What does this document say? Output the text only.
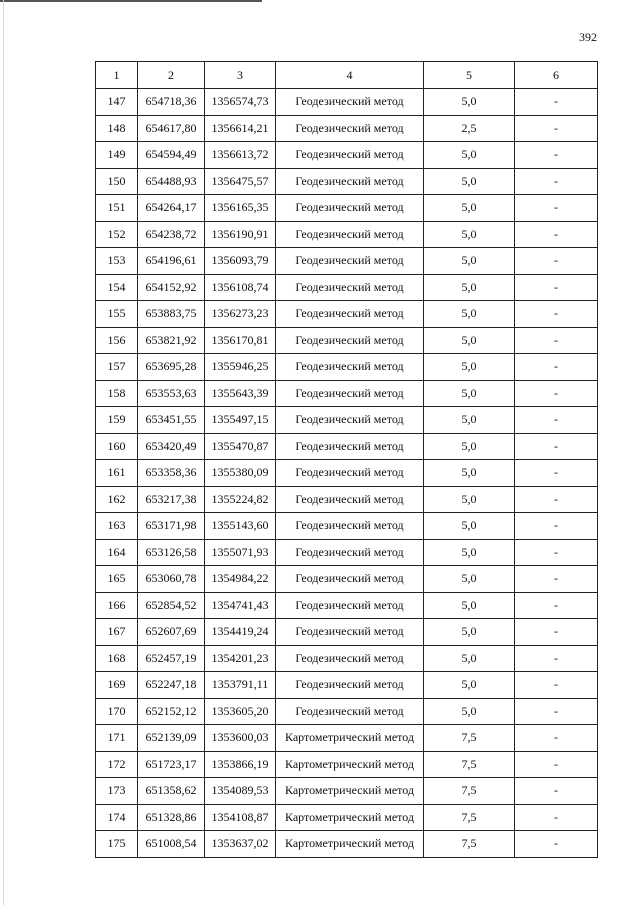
392
1	2	3	4	5	6
147	654718,36	1356574,73	Геодезический метод	5,0	-
148	654617,80	1356614,21	Геодезический метод	2,5	-
149	654594,49	1356613,72	Геодезический метод	5,0	-
150	654488,93	1356475,57	Геодезический метод	5,0	-
151	654264,17	1356165,35	Геодезический метод	5,0	-
152	654238,72	1356190,91	Геодезический метод	5,0	-
153	654196,61	1356093,79	Геодезический метод	5,0	-
154	654152,92	1356108,74	Геодезический метод	5,0	-
155	653883,75	1356273,23	Геодезический метод	5,0	-
156	653821,92	1356170,81	Геодезический метод	5,0	-
157	653695,28	1355946,25	Геодезический метод	5,0	-
158	653553,63	1355643,39	Геодезический метод	5,0	-
159	653451,55	1355497,15	Геодезический метод	5,0	-
160	653420,49	1355470,87	Геодезический метод	5,0	-
161	653358,36	1355380,09	Геодезический метод	5,0	-
162	653217,38	1355224,82	Геодезический метод	5,0	-
163	653171,98	1355143,60	Геодезический метод	5,0	-
164	653126,58	1355071,93	Геодезический метод	5,0	-
165	653060,78	1354984,22	Геодезический метод	5,0	-
166	652854,52	1354741,43	Геодезический метод	5,0	-
167	652607,69	1354419,24	Геодезический метод	5,0	-
168	652457,19	1354201,23	Геодезический метод	5,0	-
169	652247,18	1353791,11	Геодезический метод	5,0	-
170	652152,12	1353605,20	Геодезический метод	5,0	-
171	652139,09	1353600,03	Картометрический метод	7,5	-
172	651723,17	1353866,19	Картометрический метод	7,5	-
173	651358,62	1354089,53	Картометрический метод	7,5	-
174	651328,86	1354108,87	Картометрический метод	7,5	-
175	651008,54	1353637,02	Картометрический метод	7,5	-
